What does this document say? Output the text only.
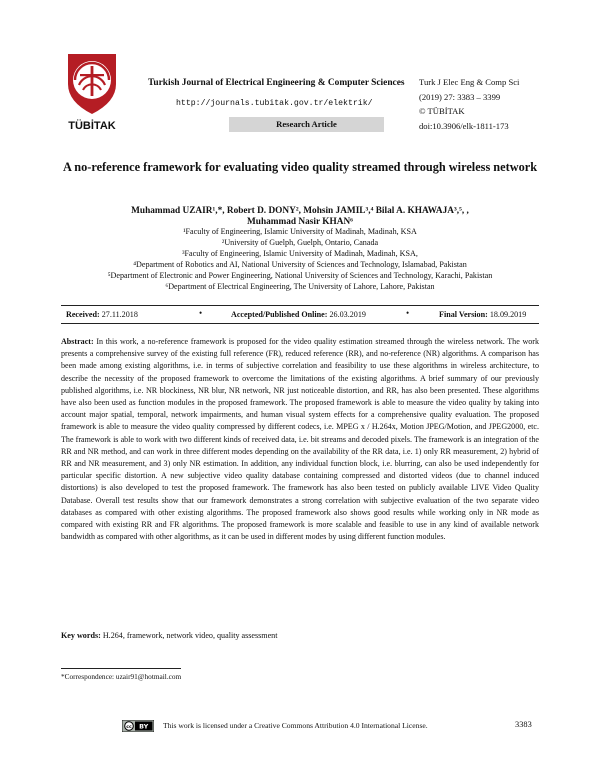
TÜBİTAK
Turkish Journal of Electrical Engineering & Computer Sciences
http://journals.tubitak.gov.tr/elektrik/
Research Article
Turk J Elec Eng & Comp Sci
(2019) 27: 3383 – 3399
© TÜBİTAK
doi:10.3906/elk-1811-173
A no-reference framework for evaluating video quality streamed through wireless network
Muhammad UZAIR¹,*, Robert D. DONY², Mohsin JAMIL³,⁴ Bilal A. KHAWAJA³,⁵, ,
Muhammad Nasir KHAN⁶
¹Faculty of Engineering, Islamic University of Madinah, Madinah, KSA
²University of Guelph, Guelph, Ontario, Canada
³Faculty of Engineering, Islamic University of Madinah, Madinah, KSA,
⁴Department of Robotics and AI, National University of Sciences and Technology, Islamabad, Pakistan
⁵Department of Electronic and Power Engineering, National University of Sciences and Technology, Karachi, Pakistan
⁶Department of Electrical Engineering, The University of Lahore, Lahore, Pakistan
Received: 27.11.2018	•	Accepted/Published Online: 26.03.2019	•	Final Version: 18.09.2019
Abstract: In this work, a no-reference framework is proposed for the video quality estimation streamed through the wireless network. The work presents a comprehensive survey of the existing full reference (FR), reduced reference (RR), and no-reference (NR) algorithms. A comparison has been made among existing algorithms, i.e. in terms of subjective correlation and feasibility to use these algorithms in wireless architecture, to describe the necessity of the proposed framework to overcome the limitations of the existing algorithms. A brief summary of our previously published algorithms, i.e. NR blockiness, NR blur, NR network, NR just noticeable distortion, and RR, has also been presented. These algorithms have also been used as function modules in the proposed framework. The proposed framework is able to measure the video quality by taking into account major spatial, temporal, network impairments, and human visual system effects for a comprehensive quality evaluation. The proposed framework is able to measure the video quality compressed by different codecs, i.e. MPEG x / H.264x, Motion JPEG/Motion, and JPEG2000, etc. The framework is able to work with two different kinds of received data, i.e. bit streams and decoded pixels. The framework is an integration of the RR and NR method, and can work in three different modes depending on the availability of the RR data, i.e. 1) only RR measurement, 2) hybrid of RR and NR measurement, and 3) only NR estimation. In addition, any individual function block, i.e. blurring, can also be used independently for particular specific distortion. A new subjective video quality database containing compressed and distorted videos (due to channel induced distortions) is also developed to test the proposed framework. The framework has also been tested on publicly available LIVE Video Quality Database. Overall test results show that our framework demonstrates a strong correlation with subjective evaluation of the two separate video databases as compared with other existing algorithms. The proposed framework also shows good results while working only in NR mode as compared with existing RR and FR algorithms. The proposed framework is more scalable and feasible to use in any kind of available network bandwidth as compared with other algorithms, as it can be used in different modes by using different function modules.
Key words: H.264, framework, network video, quality assessment
*Correspondence: uzair91@hotmail.com
cc BY This work is licensed under a Creative Commons Attribution 4.0 International License.	3383
